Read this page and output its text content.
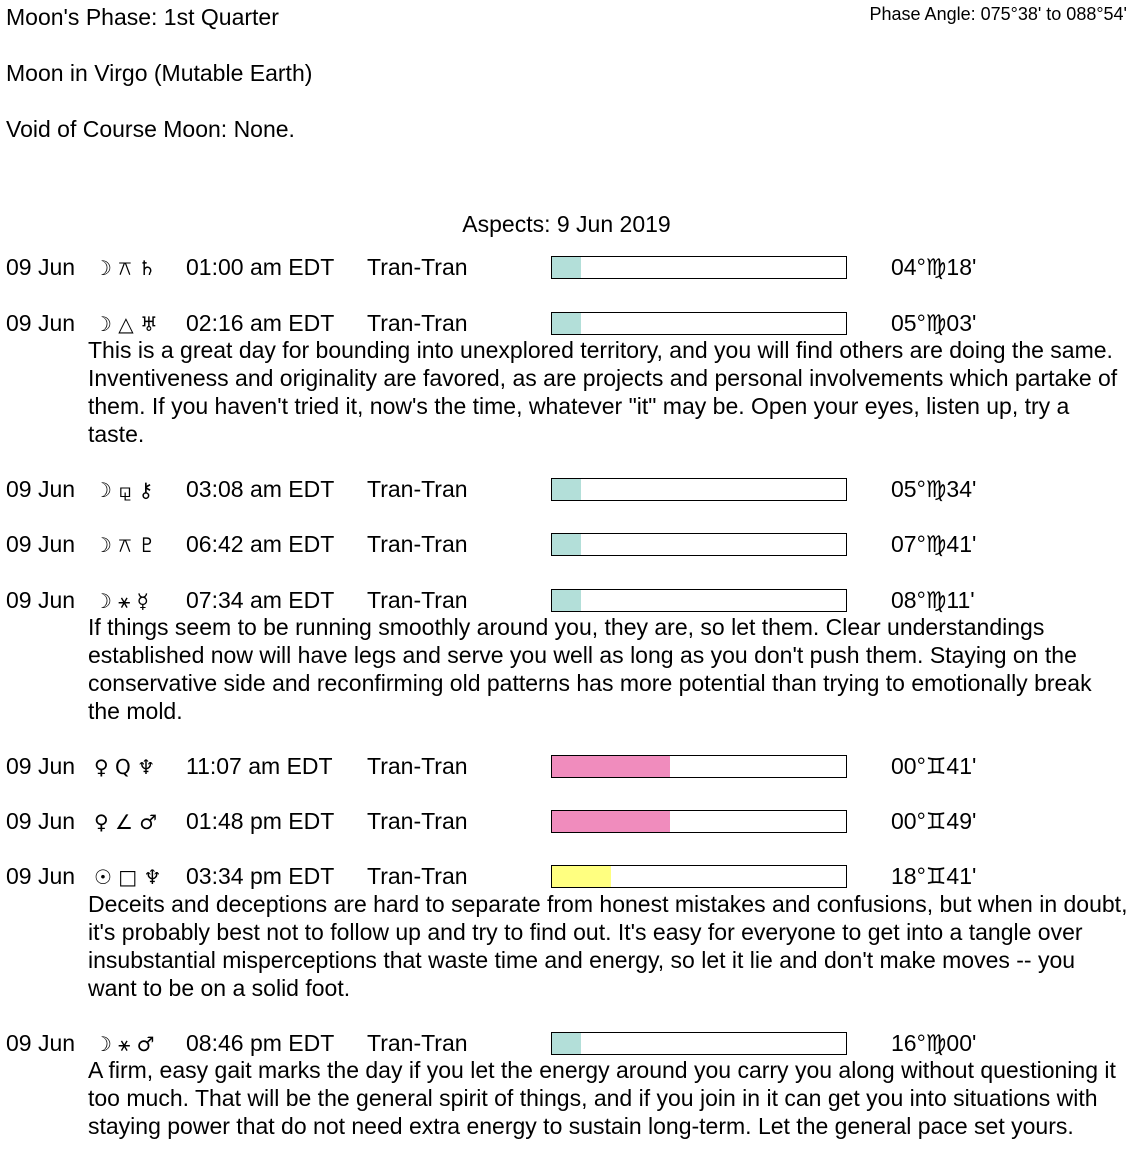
Moon's Phase: 1st Quarter	Phase Angle: 075°38' to 088°54'
Moon in Virgo (Mutable Earth)
Void of Course Moon: None.
Aspects: 9 Jun 2019
09 Jun ☽ ⚻ ♄ 01:00 am EDT Tran-Tran	04°♍18'
09 Jun ☽ △ ♅ 02:16 am EDT Tran-Tran	05°♍03'
This is a great day for bounding into unexplored territory, and you will find others are doing the same. Inventiveness and originality are favored, as are projects and personal involvements which partake of them. If you haven't tried it, now's the time, whatever "it" may be. Open your eyes, listen up, try a taste.
09 Jun ☽ ⚼ ⚷ 03:08 am EDT Tran-Tran	05°♍34'
09 Jun ☽ ⚻ ♇ 06:42 am EDT Tran-Tran	07°♍41'
09 Jun ☽ ⚹ ☿ 07:34 am EDT Tran-Tran	08°♍11'
If things seem to be running smoothly around you, they are, so let them. Clear understandings established now will have legs and serve you well as long as you don't push them. Staying on the conservative side and reconfirming old patterns has more potential than trying to emotionally break the mold.
09 Jun ♀ Q ♆ 11:07 am EDT Tran-Tran	00°♊41'
09 Jun ♀ ∠ ♂ 01:48 pm EDT Tran-Tran	00°♊49'
09 Jun ☉ □ ♆ 03:34 pm EDT Tran-Tran	18°♊41'
Deceits and deceptions are hard to separate from honest mistakes and confusions, but when in doubt, it's probably best not to follow up and try to find out. It's easy for everyone to get into a tangle over insubstantial misperceptions that waste time and energy, so let it lie and don't make moves -- you want to be on a solid foot.
09 Jun ☽ ⚹ ♂ 08:46 pm EDT Tran-Tran	16°♍00'
A firm, easy gait marks the day if you let the energy around you carry you along without questioning it too much. That will be the general spirit of things, and if you join in it can get you into situations with staying power that do not need extra energy to sustain long-term. Let the general pace set yours.
